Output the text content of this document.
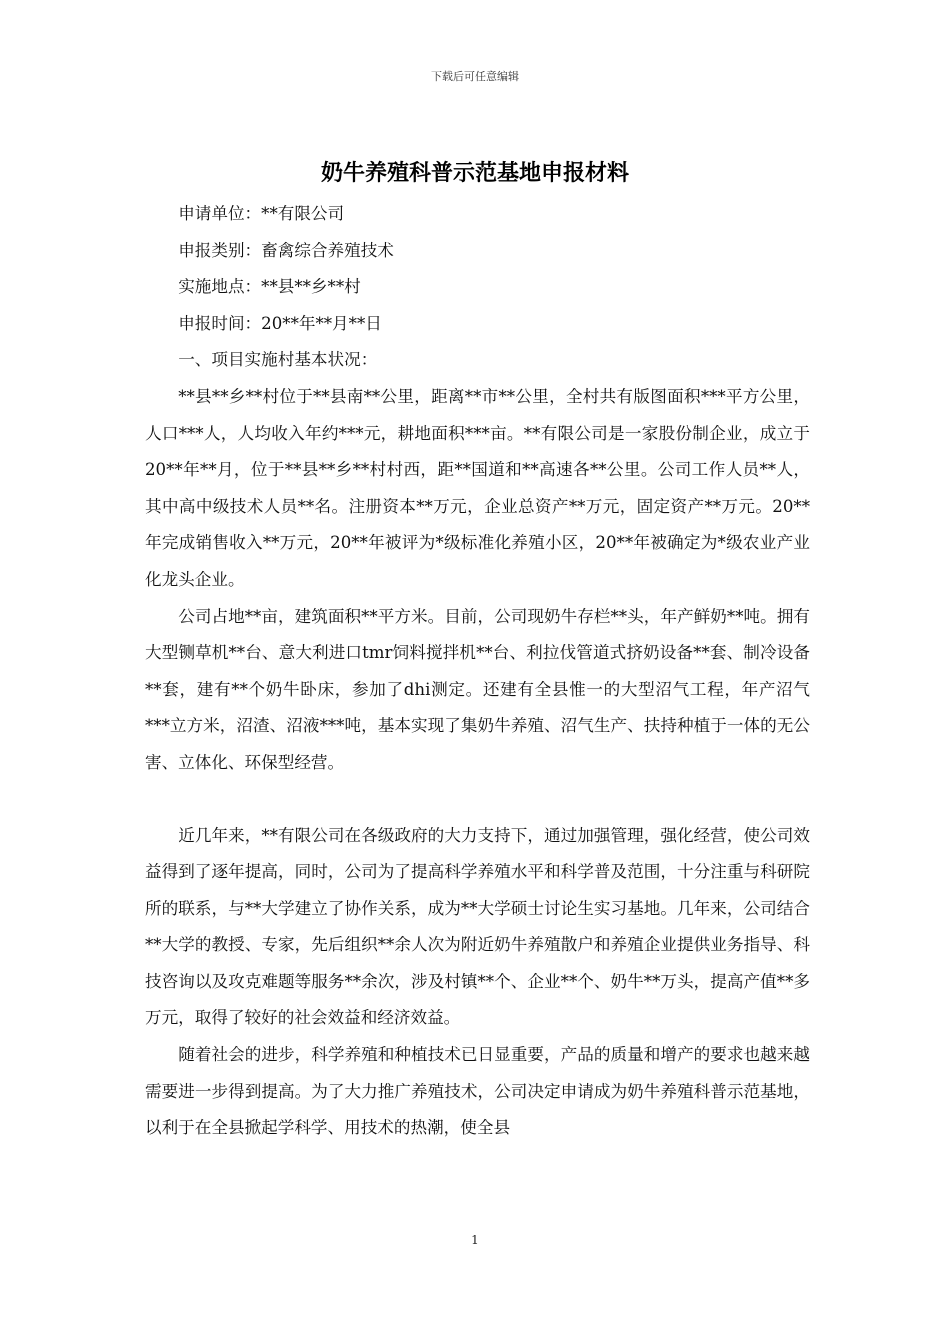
下载后可任意编辑
奶牛养殖科普示范基地申报材料

申请单位：**有限公司

申报类别：畜禽综合养殖技术

实施地点：**县**乡**村

申报时间：20**年**月**日

一、项目实施村基本状况：

**县**乡**村位于**县南**公里，距离**市**公里，全村共有版图面积***平方公里，人口***人，人均收入年约***元，耕地面积***亩。**有限公司是一家股份制企业，成立于20**年**月，位于**县**乡**村村西，距**国道和**高速各**公里。公司工作人员**人，其中高中级技术人员**名。注册资本**万元，企业总资产**万元，固定资产**万元。20**年完成销售收入**万元，20**年被评为*级标准化养殖小区，20**年被确定为*级农业产业化龙头企业。
公司占地**亩，建筑面积**平方米。目前，公司现奶牛存栏**头，年产鲜奶**吨。拥有大型铡草机**台、意大利进口tmr饲料搅拌机**台、利拉伐管道式挤奶设备**套、制冷设备**套，建有**个奶牛卧床，参加了dhi测定。还建有全县惟一的大型沼气工程，年产沼气***立方米，沼渣、沼液***吨，基本实现了集奶牛养殖、沼气生产、扶持种植于一体的无公害、立体化、环保型经营。
近几年来，**有限公司在各级政府的大力支持下，通过加强管理，强化经营，使公司效益得到了逐年提高，同时，公司为了提高科学养殖水平和科学普及范围，十分注重与科研院所的联系，与**大学建立了协作关系，成为**大学硕士讨论生实习基地。几年来，公司结合**大学的教授、专家，先后组织**余人次为附近奶牛养殖散户和养殖企业提供业务指导、科技咨询以及攻克难题等服务**余次，涉及村镇**个、企业**个、奶牛**万头，提高产值**多万元，取得了较好的社会效益和经济效益。
随着社会的进步，科学养殖和种植技术已日显重要，产品的质量和增产的要求也越来越需要进一步得到提高。为了大力推广养殖技术，公司决定申请成为奶牛养殖科普示范基地，以利于在全县掀起学科学、用技术的热潮，使全县
1
